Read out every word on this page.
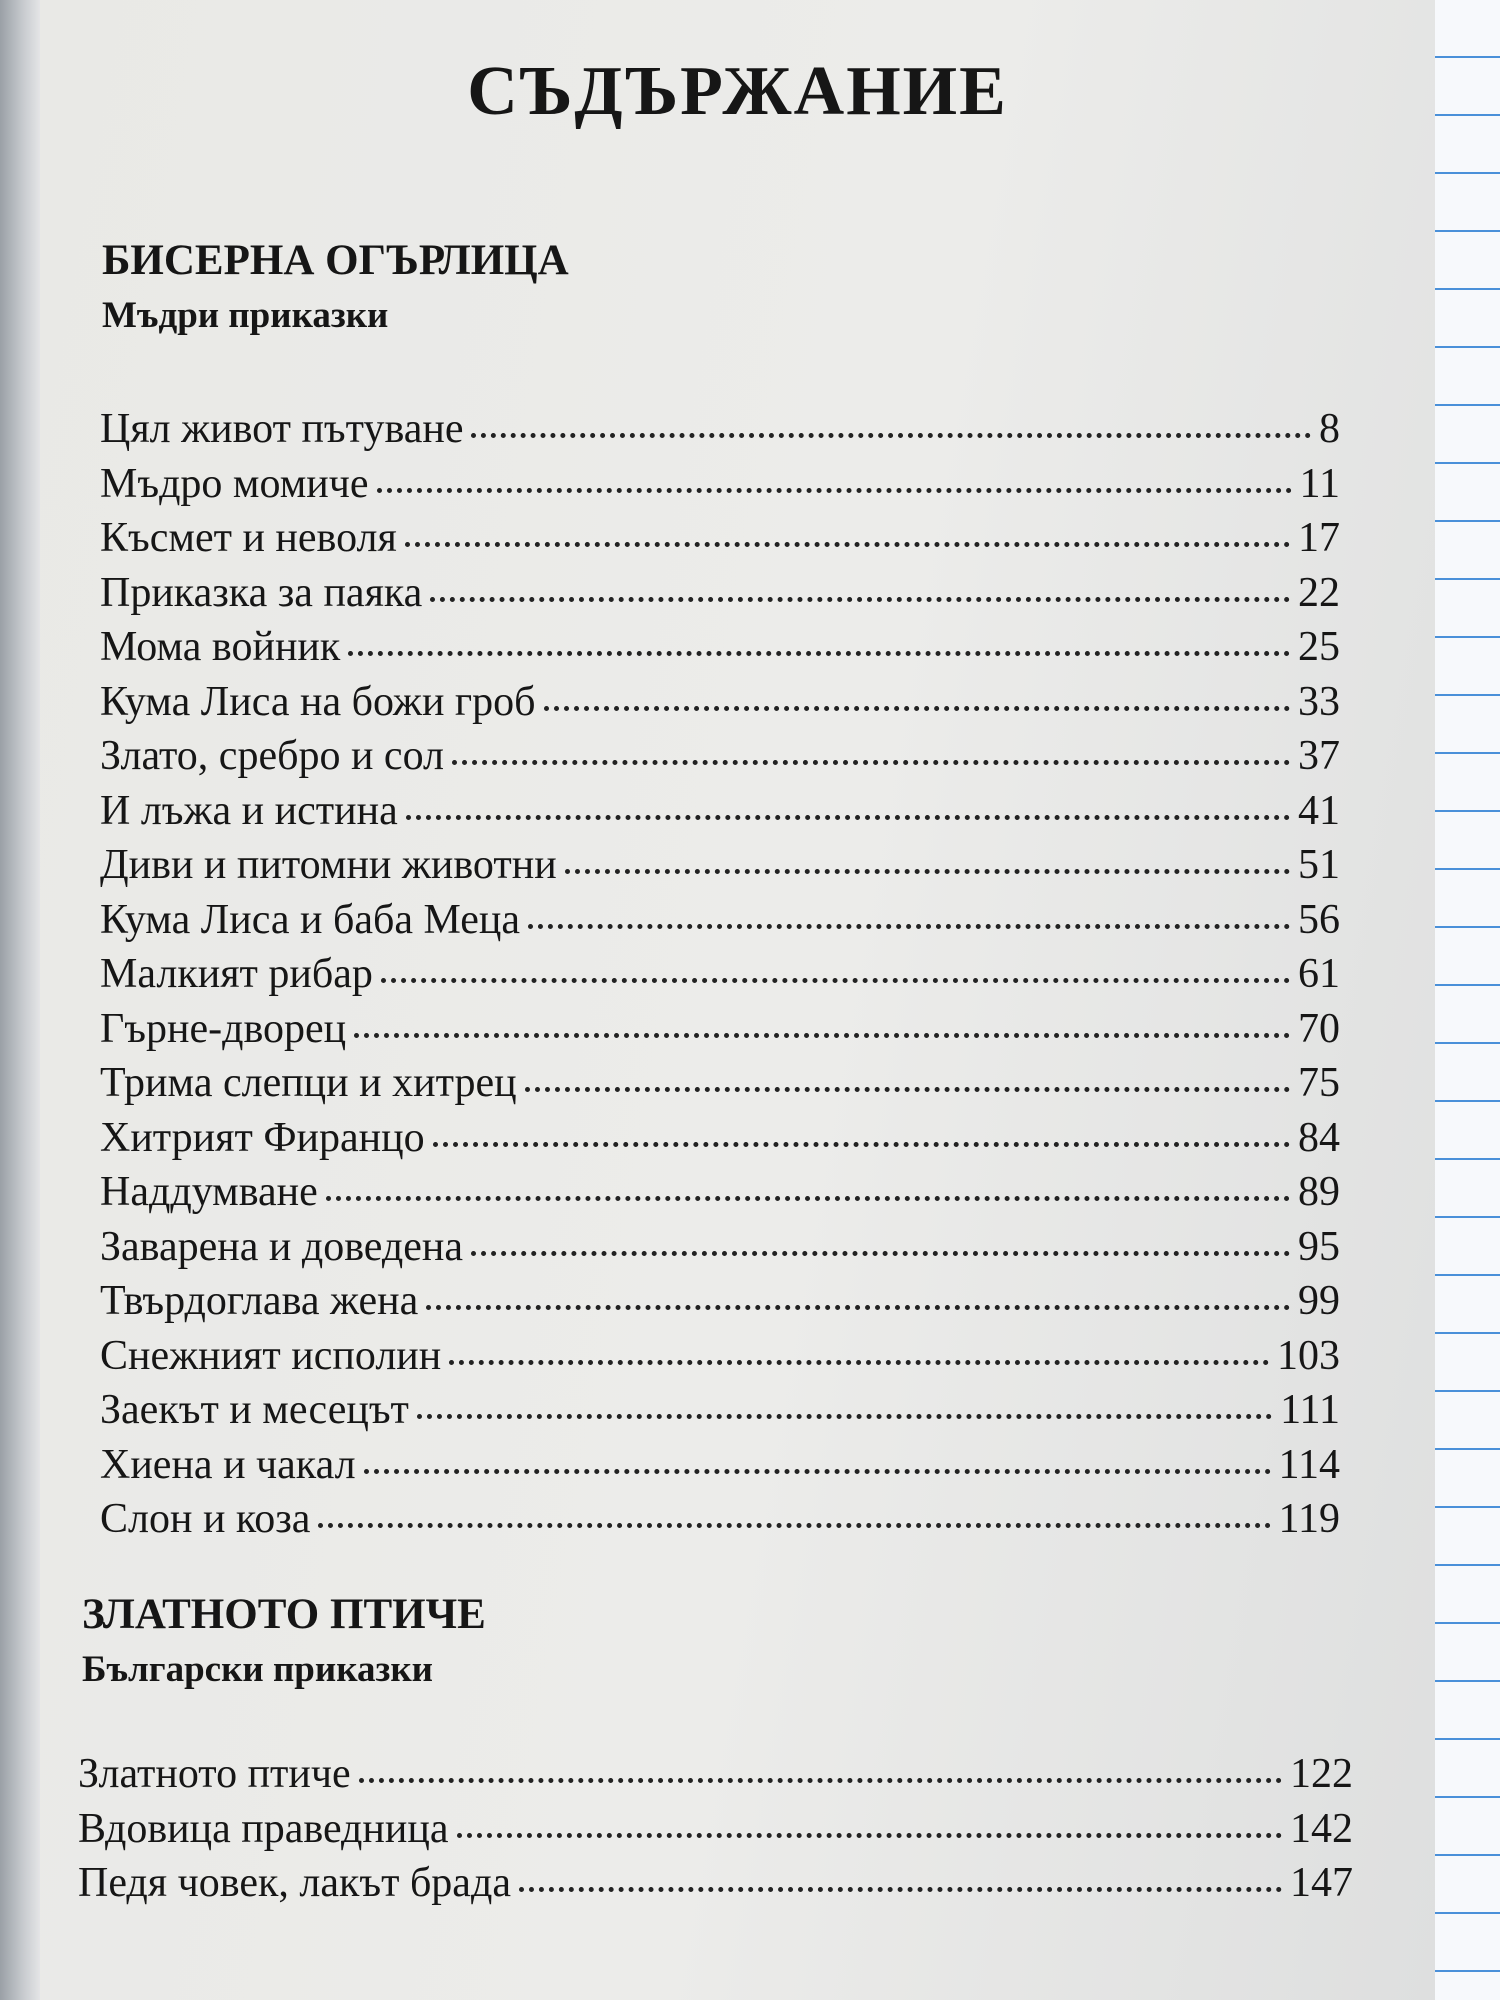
СЪДЪРЖАНИЕ
БИСЕРНА ОГЪРЛИЦА
Мъдри приказки
Цял живот пътуване	8
Мъдро момиче	11
Късмет и неволя	17
Приказка за паяка	22
Мома войник	25
Кума Лиса на божи гроб	33
Злато, сребро и сол	37
И лъжа и истина	41
Диви и питомни животни	51
Кума Лиса и баба Меца	56
Малкият рибар	61
Гърне-дворец	70
Трима слепци и хитрец	75
Хитрият Фиранцо	84
Наддумване	89
Заварена и доведена	95
Твърдоглава жена	99
Снежният исполин	103
Заекът и месецът	111
Хиена и чакал	114
Слон и коза	119
ЗЛАТНОТО ПТИЧЕ
Български приказки
Златното птиче	122
Вдовица праведница	142
Педя човек, лакът брада	147
